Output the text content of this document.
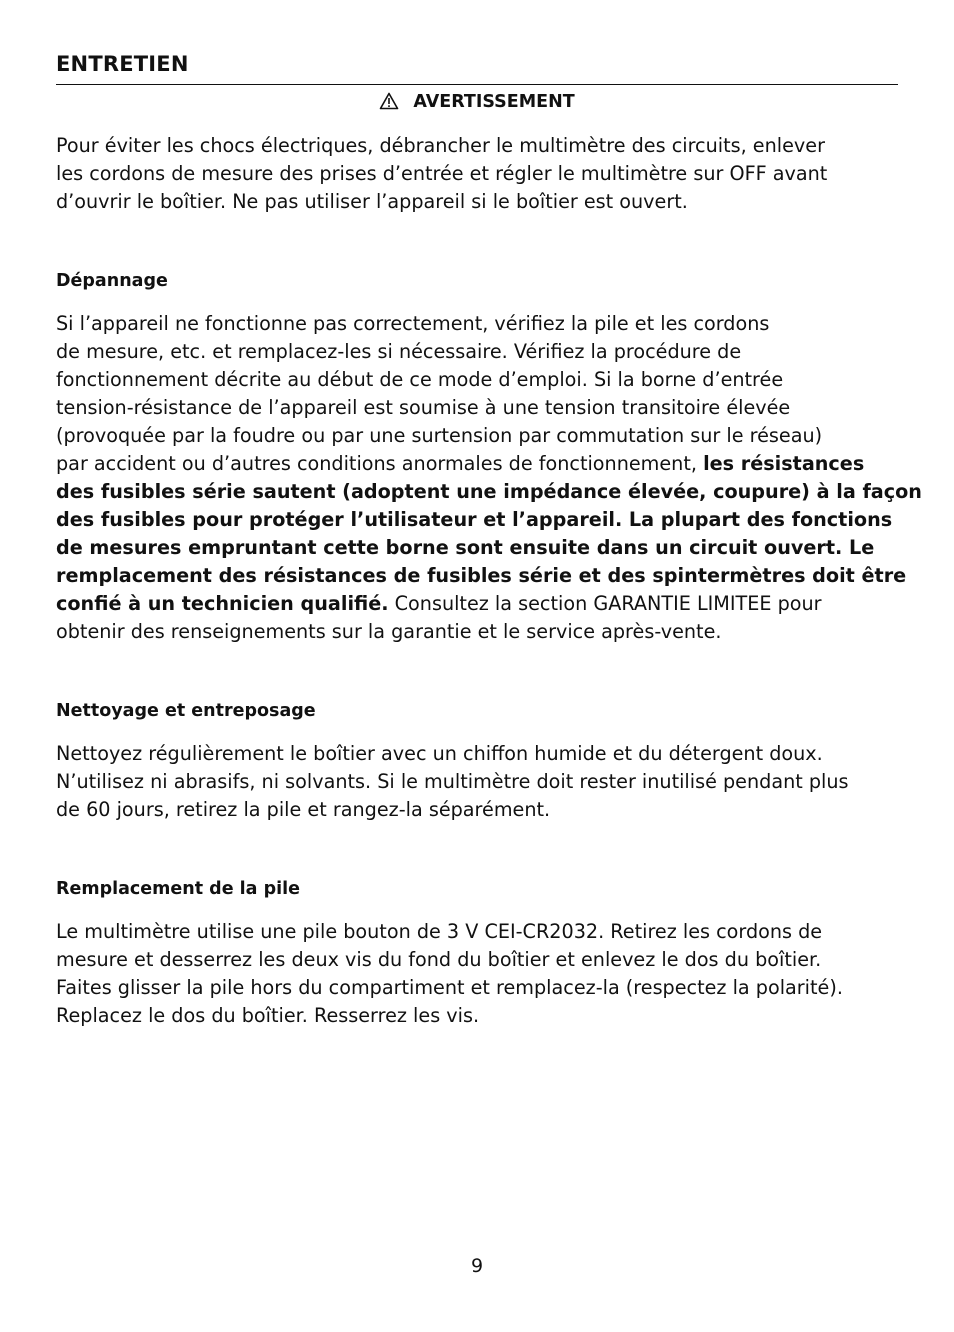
ENTRETIEN
AVERTISSEMENT

Pour éviter les chocs électriques, débrancher le multimètre des circuits, enlever
les cordons de mesure des prises d’entrée et régler le multimètre sur OFF avant
d’ouvrir le boîtier. Ne pas utiliser l’appareil si le boîtier est ouvert.

Dépannage

Si l’appareil ne fonctionne pas correctement, vérifiez la pile et les cordons
de mesure, etc. et remplacez-les si nécessaire. Vérifiez la procédure de
fonctionnement décrite au début de ce mode d’emploi. Si la borne d’entrée
tension-résistance de l’appareil est soumise à une tension transitoire élevée
(provoquée par la foudre ou par une surtension par commutation sur le réseau)
par accident ou d’autres conditions anormales de fonctionnement, les résistances
des fusibles série sautent (adoptent une impédance élevée, coupure) à la façon
des fusibles pour protéger l’utilisateur et l’appareil. La plupart des fonctions
de mesures empruntant cette borne sont ensuite dans un circuit ouvert. Le
remplacement des résistances de fusibles série et des spintermètres doit être
confié à un technicien qualifié. Consultez la section GARANTIE LIMITEE pour
obtenir des renseignements sur la garantie et le service après-vente.

Nettoyage et entreposage

Nettoyez régulièrement le boîtier avec un chiffon humide et du détergent doux.
N’utilisez ni abrasifs, ni solvants. Si le multimètre doit rester inutilisé pendant plus
de 60 jours, retirez la pile et rangez-la séparément.

Remplacement de la pile

Le multimètre utilise une pile bouton de 3 V CEI-CR2032. Retirez les cordons de
mesure et desserrez les deux vis du fond du boîtier et enlevez le dos du boîtier.
Faites glisser la pile hors du compartiment et remplacez-la (respectez la polarité).
Replacez le dos du boîtier. Resserrez les vis.

9
